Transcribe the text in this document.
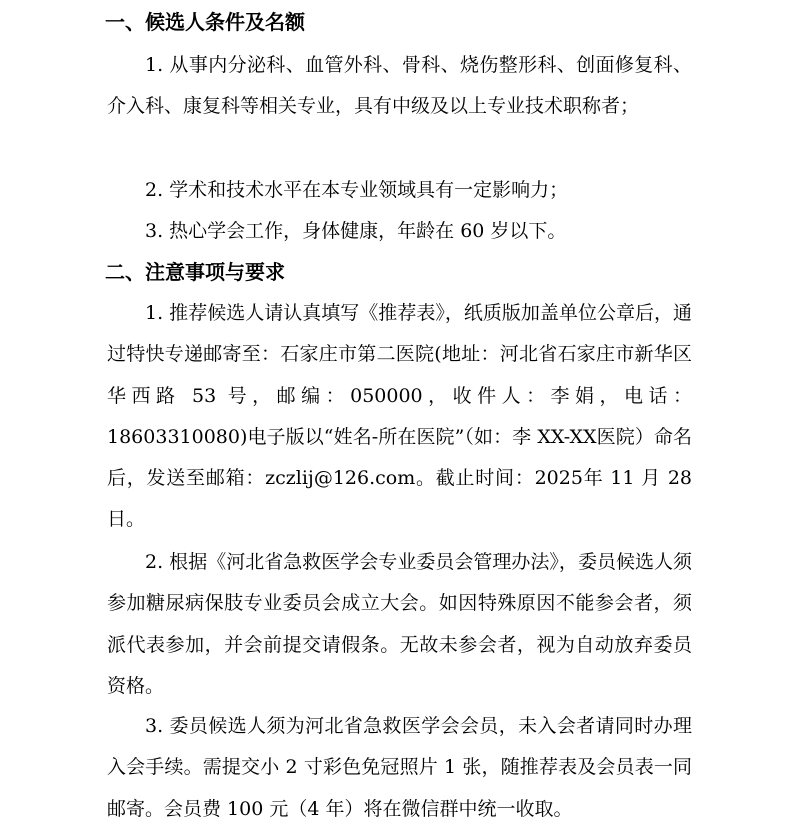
一、候选人条件及名额
1. 从事内分泌科、血管外科、骨科、烧伤整形科、创面修复科、介入科、康复科等相关专业，具有中级及以上专业技术职称者；
2. 学术和技术水平在本专业领域具有一定影响力；
3. 热心学会工作，身体健康，年龄在 60 岁以下。
二、注意事项与要求
1. 推荐候选人请认真填写《推荐表》，纸质版加盖单位公章后，通过特快专递邮寄至：石家庄市第二医院(地址：河北省石家庄市新华区华西路 53 号，邮编：050000，收件人：李娟，电话：18603310080)电子版以“姓名-所在医院”（如：李 XX-XX医院）命名后，发送至邮箱：zczlij@126.com。截止时间：2025年 11 月 28 日。
2. 根据《河北省急救医学会专业委员会管理办法》，委员候选人须参加糖尿病保肢专业委员会成立大会。如因特殊原因不能参会者，须派代表参加，并会前提交请假条。无故未参会者，视为自动放弃委员资格。
3. 委员候选人须为河北省急救医学会会员，未入会者请同时办理入会手续。需提交小 2 寸彩色免冠照片 1 张，随推荐表及会员表一同邮寄。会员费 100 元（4 年）将在微信群中统一收取。
